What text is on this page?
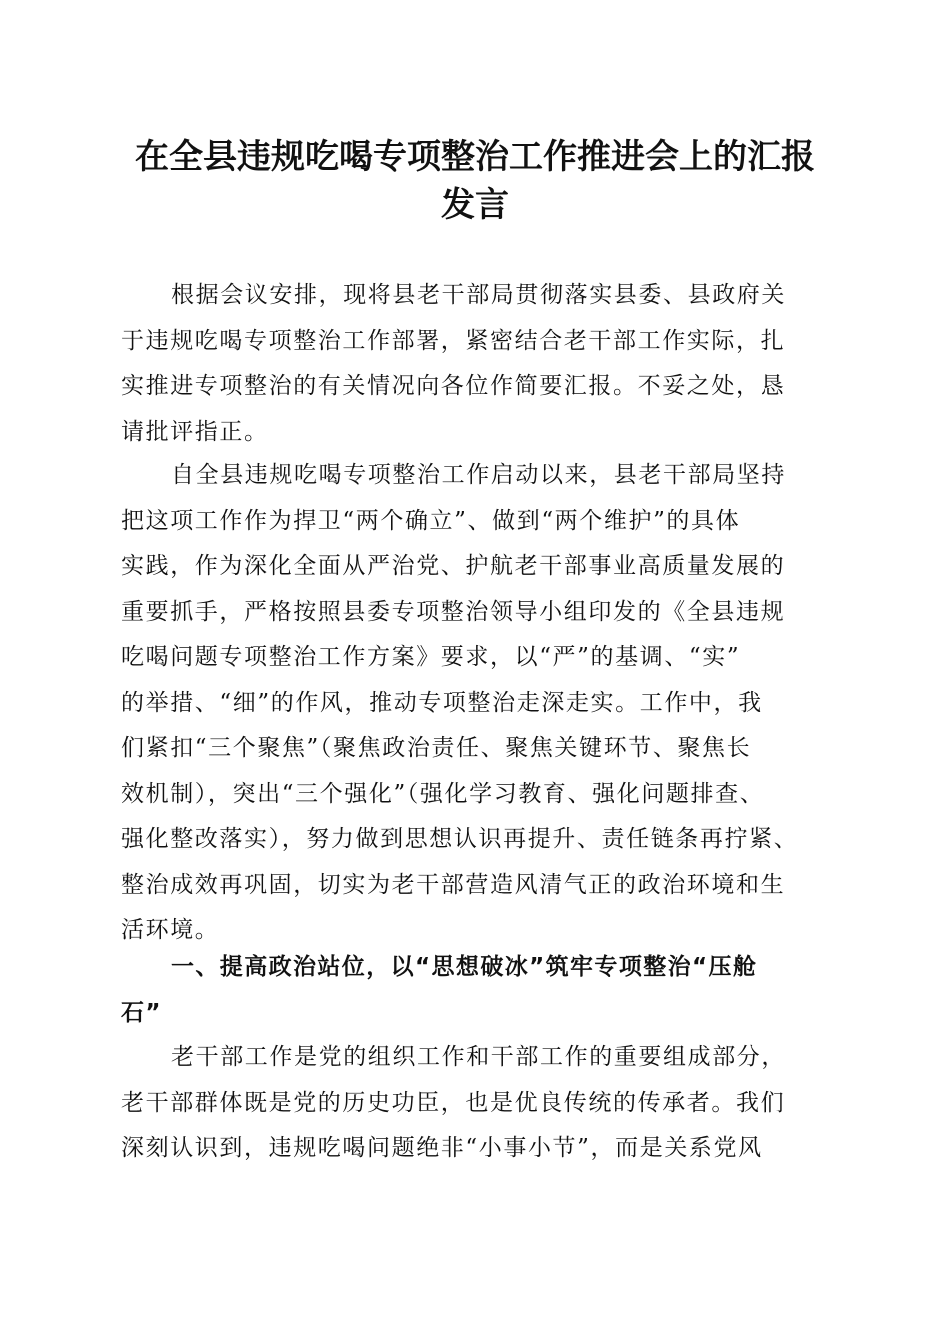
在全县违规吃喝专项整治工作推进会上的汇报
发言

根据会议安排，现将县老干部局贯彻落实县委、县政府关
于违规吃喝专项整治工作部署，紧密结合老干部工作实际，扎
实推进专项整治的有关情况向各位作简要汇报。不妥之处，恳
请批评指正。

自全县违规吃喝专项整治工作启动以来，县老干部局坚持
把这项工作作为捍卫“两个确立”、做到“两个维护”的具体
实践，作为深化全面从严治党、护航老干部事业高质量发展的
重要抓手，严格按照县委专项整治领导小组印发的《全县违规
吃喝问题专项整治工作方案》要求，以“严”的基调、“实”
的举措、“细”的作风，推动专项整治走深走实。工作中，我
们紧扣“三个聚焦”（聚焦政治责任、聚焦关键环节、聚焦长
效机制），突出“三个强化”（强化学习教育、强化问题排查、
强化整改落实），努力做到思想认识再提升、责任链条再拧紧、
整治成效再巩固，切实为老干部营造风清气正的政治环境和生
活环境。

一、提高政治站位，以“思想破冰”筑牢专项整治“压舱
石”

老干部工作是党的组织工作和干部工作的重要组成部分，
老干部群体既是党的历史功臣，也是优良传统的传承者。我们
深刻认识到，违规吃喝问题绝非“小事小节”，而是关系党风
